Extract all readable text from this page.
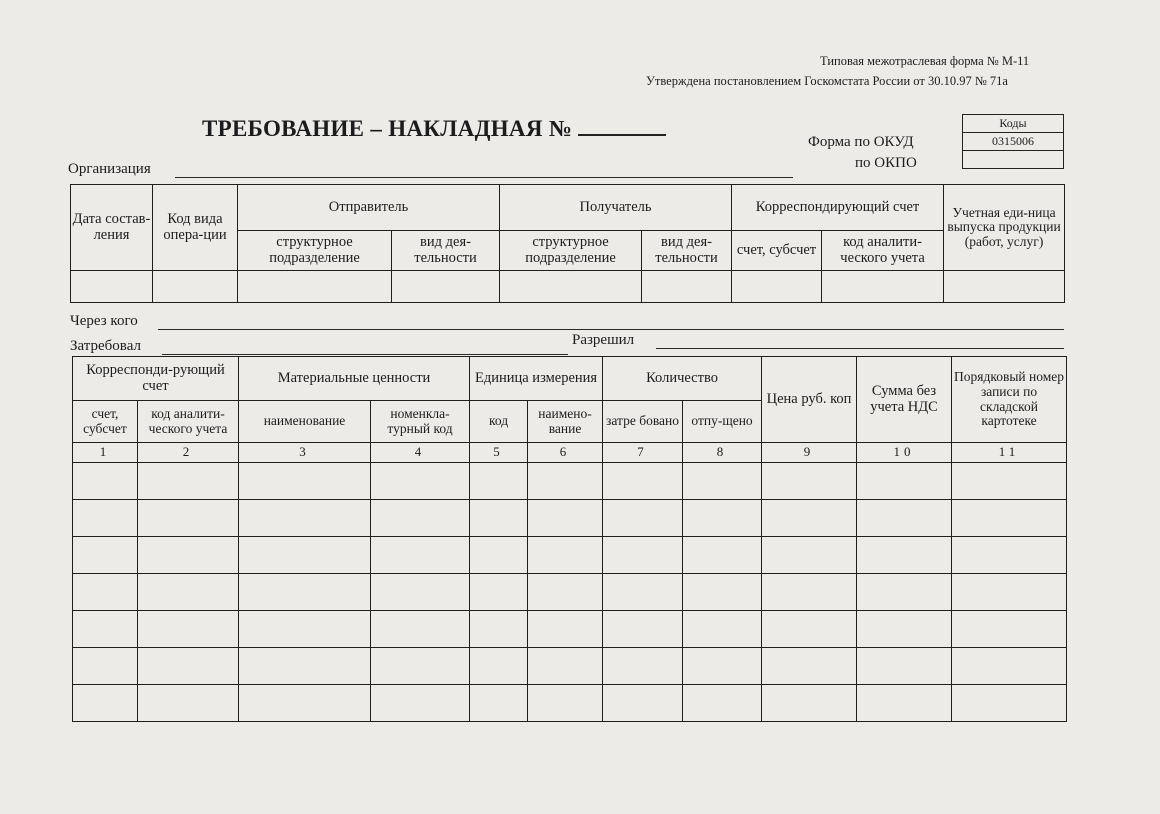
Типовая межотраслевая форма № М-11
Утверждена постановлением Госкомстата России от 30.10.97 № 71а
ТРЕБОВАНИЕ – НАКЛАДНАЯ №	Коды
0315006

Форма по ОКУД
по ОКПО
Организация
Дата состав-ления	Код вида опера-ции	Отправитель		Получатель		Корреспондирующий счет		Учетная еди-ница выпуска продукции (работ, услуг)
		структурное подразделение	вид дея-тельности	структурное подразделение	вид дея-тельности	счет, субсчет	код аналити-ческого учета	

Через кого
Затребовал	Разрешил
Корреспонди-рующий счет		Материальные ценности		Единица измерения		Количество		Цена руб. коп	Сумма без учета НДС	Порядковый номер записи по складской картотеке
счет, субсчет	код аналити-ческого учета	наименование	номенкла-турный код	код	наимено-вание	затре бовано	отпу-щено			
1	2	3	4	5	6	7	8	9	10	11
